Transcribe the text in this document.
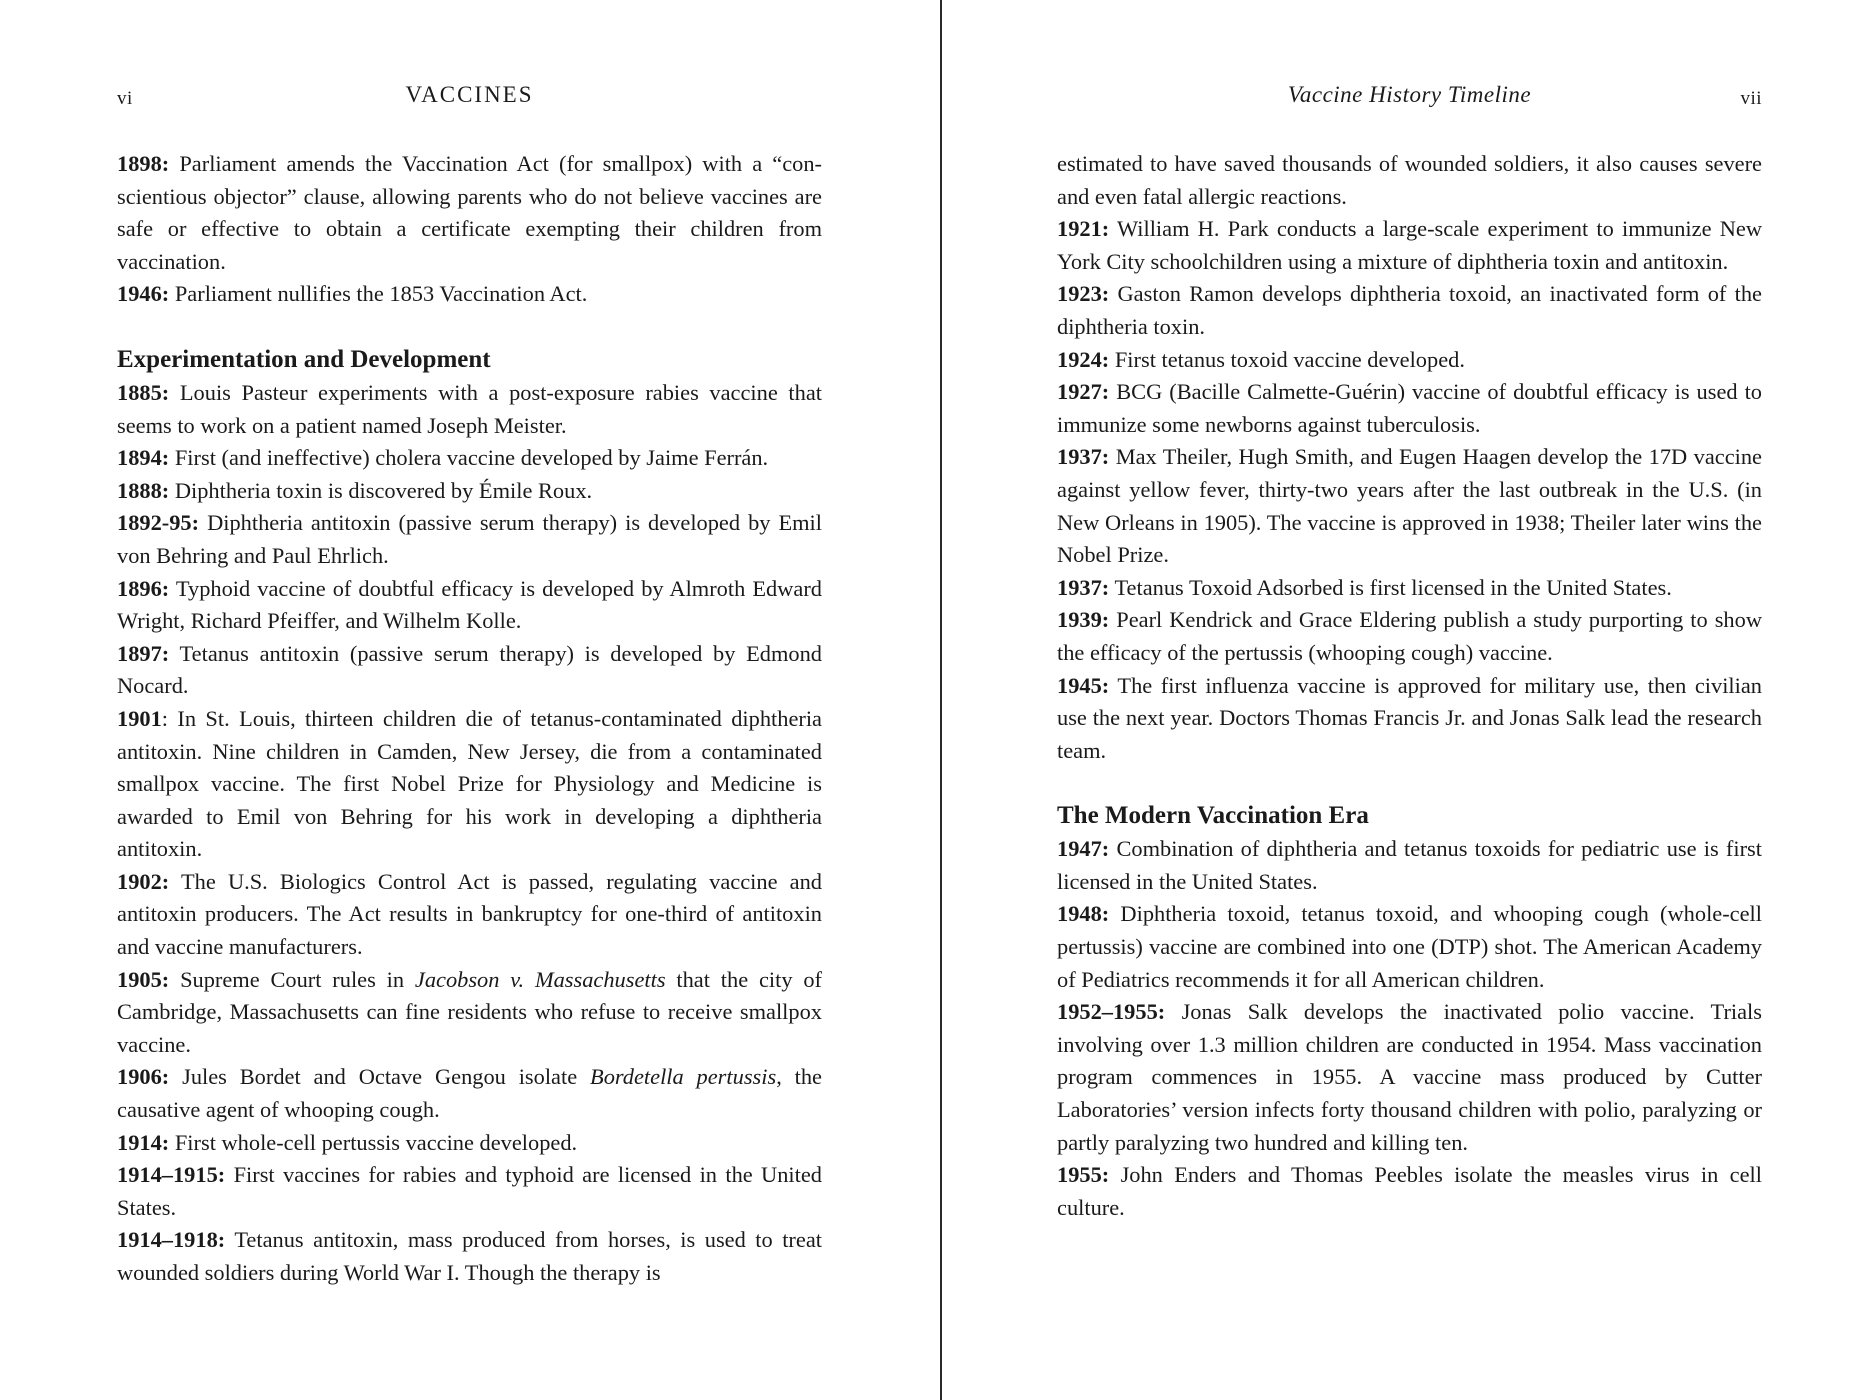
vi	VACCINES

1898: Parliament amends the Vaccination Act (for smallpox) with a “conscientious objector” clause, allowing parents who do not believe vaccines are safe or effective to obtain a certificate exempting their children from vaccination.

1946: Parliament nullifies the 1853 Vaccination Act.

Experimentation and Development

1885: Louis Pasteur experiments with a post-exposure rabies vaccine that seems to work on a patient named Joseph Meister.

1894: First (and ineffective) cholera vaccine developed by Jaime Ferrán.

1888: Diphtheria toxin is discovered by Émile Roux.

1892-95: Diphtheria antitoxin (passive serum therapy) is developed by Emil von Behring and Paul Ehrlich.

1896: Typhoid vaccine of doubtful efficacy is developed by Almroth Edward Wright, Richard Pfeiffer, and Wilhelm Kolle.

1897: Tetanus antitoxin (passive serum therapy) is developed by Edmond Nocard.

1901: In St. Louis, thirteen children die of tetanus-contaminated diphtheria antitoxin. Nine children in Camden, New Jersey, die from a contaminated smallpox vaccine. The first Nobel Prize for Physiology and Medicine is awarded to Emil von Behring for his work in developing a diphtheria antitoxin.

1902: The U.S. Biologics Control Act is passed, regulating vaccine and antitoxin producers. The Act results in bankruptcy for one-third of antitoxin and vaccine manufacturers.

1905: Supreme Court rules in Jacobson v. Massachusetts that the city of Cambridge, Massachusetts can fine residents who refuse to receive smallpox vaccine.

1906: Jules Bordet and Octave Gengou isolate Bordetella pertussis, the causative agent of whooping cough.

1914: First whole-cell pertussis vaccine developed.

1914–1915: First vaccines for rabies and typhoid are licensed in the United States.

1914–1918: Tetanus antitoxin, mass produced from horses, is used to treat wounded soldiers during World War I. Though the therapy is

Vaccine History Timeline	vii

estimated to have saved thousands of wounded soldiers, it also causes severe and even fatal allergic reactions.

1921: William H. Park conducts a large-scale experiment to immunize New York City schoolchildren using a mixture of diphtheria toxin and antitoxin.

1923: Gaston Ramon develops diphtheria toxoid, an inactivated form of the diphtheria toxin.

1924: First tetanus toxoid vaccine developed.

1927: BCG (Bacille Calmette-Guérin) vaccine of doubtful efficacy is used to immunize some newborns against tuberculosis.

1937: Max Theiler, Hugh Smith, and Eugen Haagen develop the 17D vaccine against yellow fever, thirty-two years after the last outbreak in the U.S. (in New Orleans in 1905). The vaccine is approved in 1938; Theiler later wins the Nobel Prize.

1937: Tetanus Toxoid Adsorbed is first licensed in the United States.

1939: Pearl Kendrick and Grace Eldering publish a study purporting to show the efficacy of the pertussis (whooping cough) vaccine.

1945: The first influenza vaccine is approved for military use, then civilian use the next year. Doctors Thomas Francis Jr. and Jonas Salk lead the research team.

The Modern Vaccination Era

1947: Combination of diphtheria and tetanus toxoids for pediatric use is first licensed in the United States.

1948: Diphtheria toxoid, tetanus toxoid, and whooping cough (whole-cell pertussis) vaccine are combined into one (DTP) shot. The American Academy of Pediatrics recommends it for all American children.

1952–1955: Jonas Salk develops the inactivated polio vaccine. Trials involving over 1.3 million children are conducted in 1954. Mass vaccination program commences in 1955. A vaccine mass produced by Cutter Laboratories’ version infects forty thousand children with polio, paralyzing or partly paralyzing two hundred and killing ten.

1955: John Enders and Thomas Peebles isolate the measles virus in cell culture.
